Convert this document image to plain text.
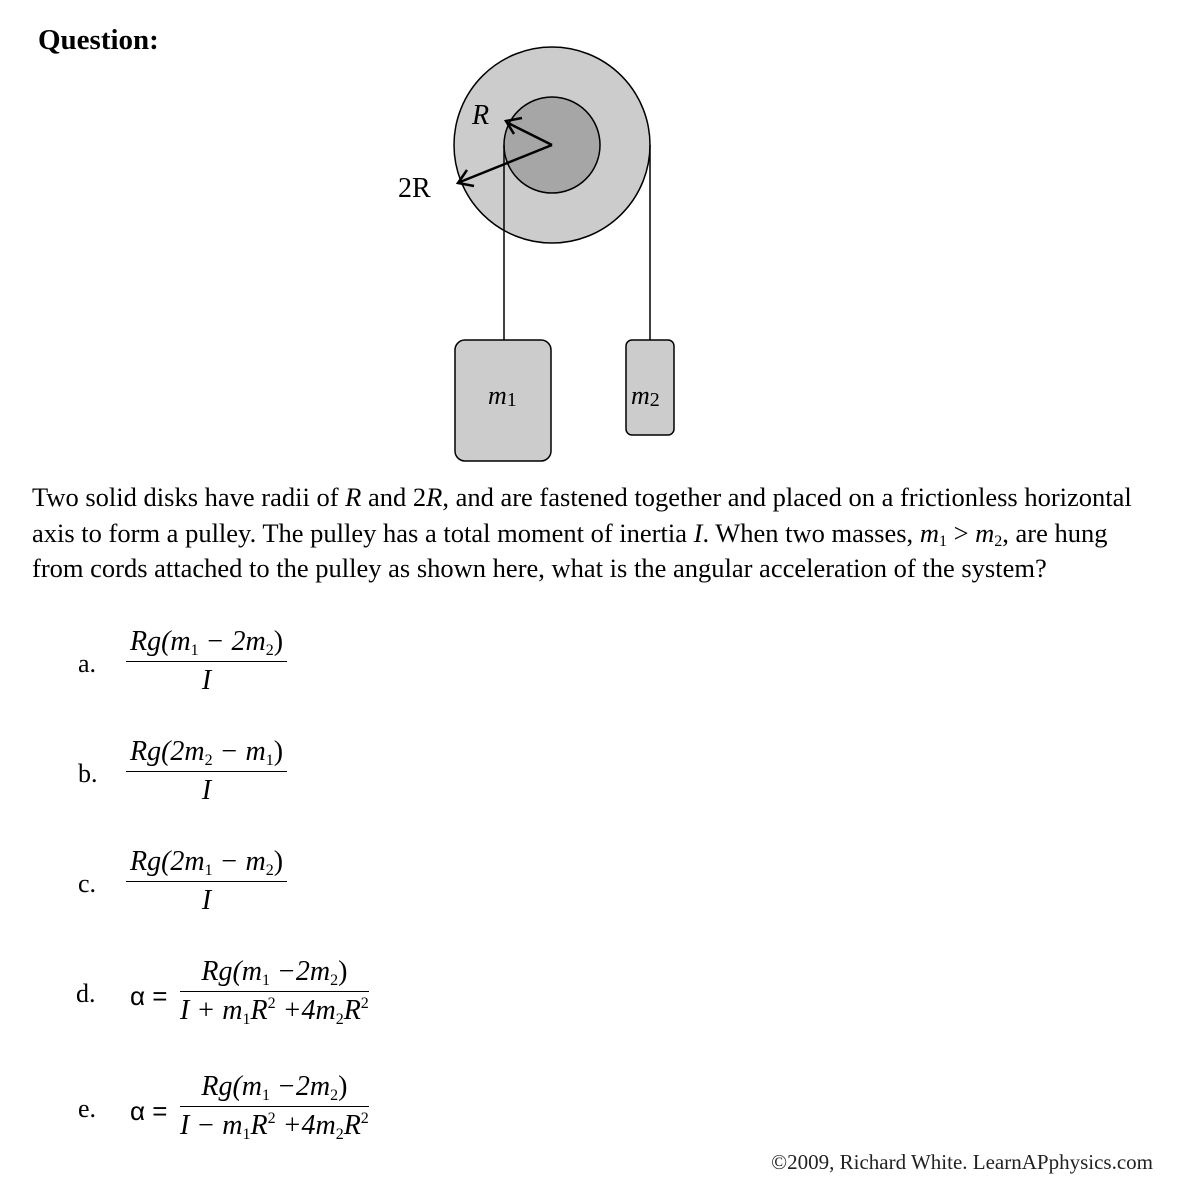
Question:
R
2R
m1	m2
Two solid disks have radii of R and 2R, and are fastened together and placed on a frictionless horizontal axis to form a pulley. The pulley has a total moment of inertia I. When two masses, $m_1 > m_2$, are hung from cords attached to the pulley as shown here, what is the angular acceleration of the system?
a. $\frac{Rg(m_1 - 2m_2)}{I}$
b. $\frac{Rg(2m_2 - m_1)}{I}$
c. $\frac{Rg(2m_1 - m_2)}{I}$
d. $\alpha = \frac{Rg(m_1 -2m_2)}{I + m_1R^2 +4m_2R^2}$
e. $\alpha = \frac{Rg(m_1 -2m_2)}{I - m_1R^2 +4m_2R^2}$
©2009, Richard White. LearnAPphysics.com
